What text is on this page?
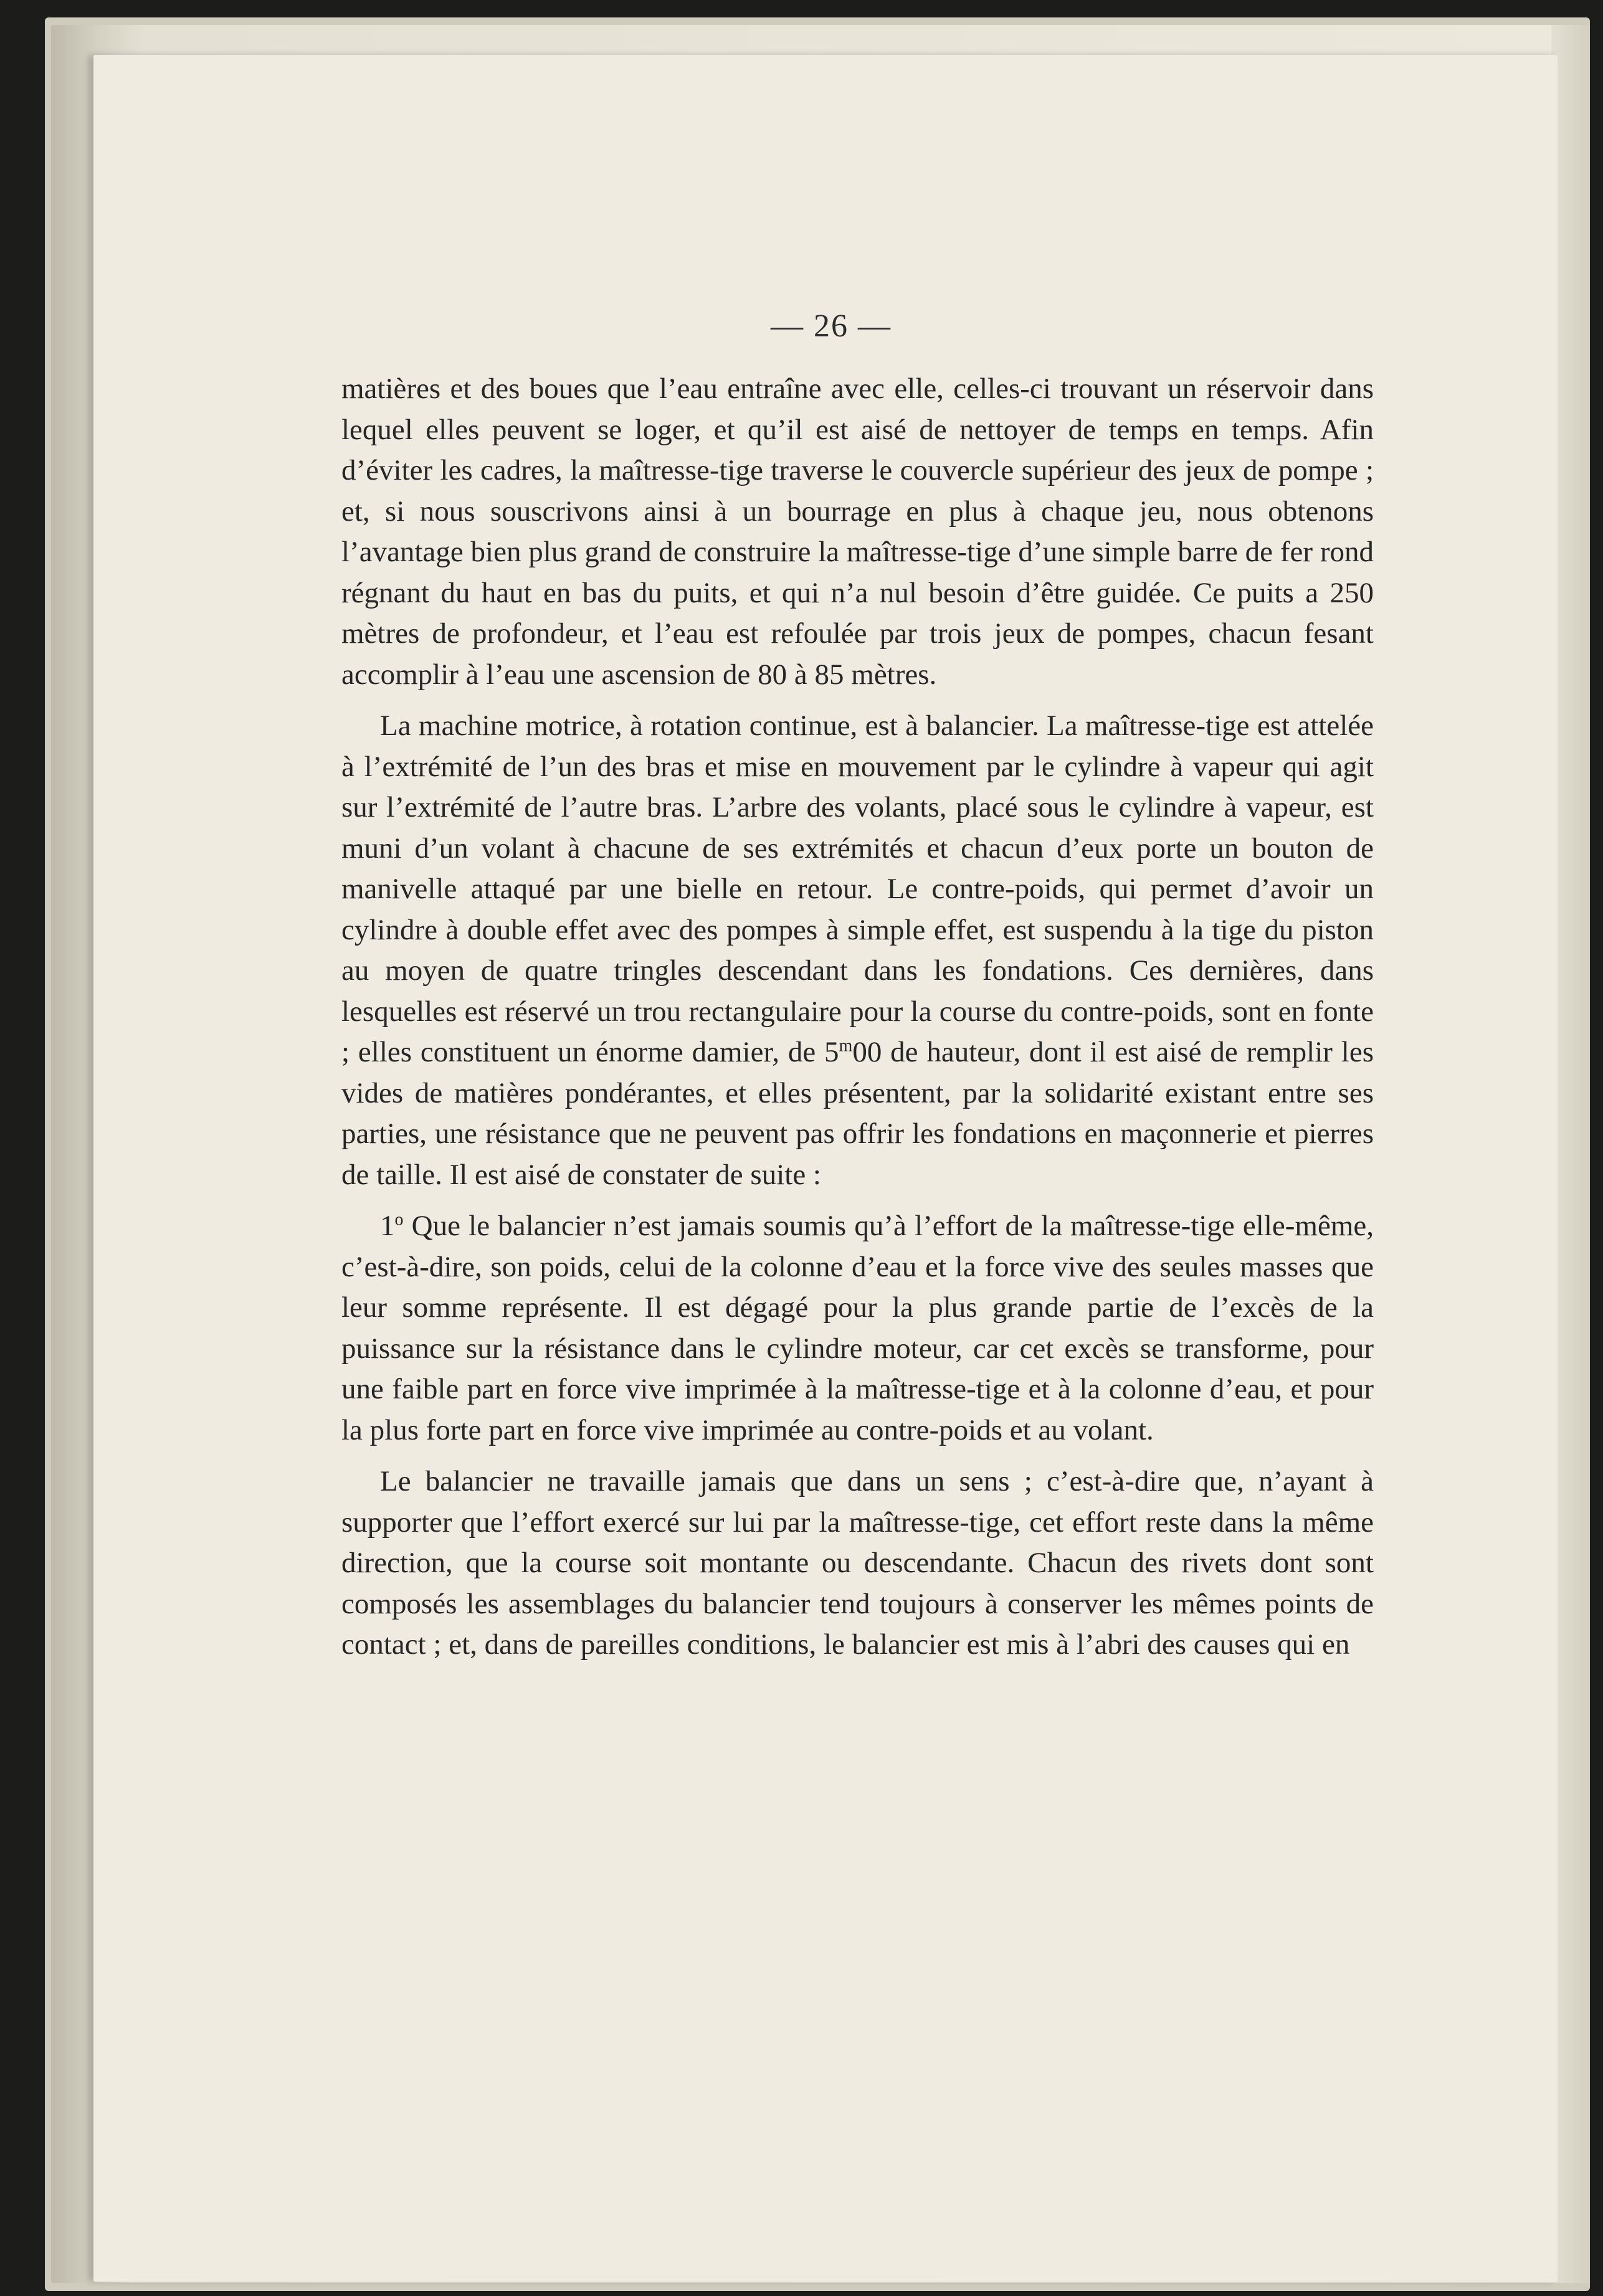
— 26 —

matières et des boues que l’eau entraîne avec elle, celles-ci trouvant un réservoir dans lequel elles peuvent se loger, et qu’il est aisé de nettoyer de temps en temps. Afin d’éviter les cadres, la maîtresse-tige traverse le couvercle supérieur des jeux de pompe ; et, si nous souscrivons ainsi à un bourrage en plus à chaque jeu, nous obtenons l’avantage bien plus grand de construire la maîtresse-tige d’une simple barre de fer rond régnant du haut en bas du puits, et qui n’a nul besoin d’être guidée. Ce puits a 250 mètres de profondeur, et l’eau est refoulée par trois jeux de pompes, chacun fesant accomplir à l’eau une ascension de 80 à 85 mètres.

La machine motrice, à rotation continue, est à balancier. La maîtresse-tige est attelée à l’extrémité de l’un des bras et mise en mouvement par le cylindre à vapeur qui agit sur l’extrémité de l’autre bras. L’arbre des volants, placé sous le cylindre à vapeur, est muni d’un volant à chacune de ses extrémités et chacun d’eux porte un bouton de manivelle attaqué par une bielle en retour. Le contre-poids, qui permet d’avoir un cylindre à double effet avec des pompes à simple effet, est suspendu à la tige du piston au moyen de quatre tringles descendant dans les fondations. Ces dernières, dans lesquelles est réservé un trou rectangulaire pour la course du contre-poids, sont en fonte ; elles constituent un énorme damier, de 5$^m$00 de hauteur, dont il est aisé de remplir les vides de matières pondérantes, et elles présentent, par la solidarité existant entre ses parties, une résistance que ne peuvent pas offrir les fondations en maçonnerie et pierres de taille. Il est aisé de constater de suite :

1$^o$ Que le balancier n’est jamais soumis qu’à l’effort de la maîtresse-tige elle-même, c’est-à-dire, son poids, celui de la colonne d’eau et la force vive des seules masses que leur somme représente. Il est dégagé pour la plus grande partie de l’excès de la puissance sur la résistance dans le cylindre moteur, car cet excès se transforme, pour une faible part en force vive imprimée à la maîtresse-tige et à la colonne d’eau, et pour la plus forte part en force vive imprimée au contre-poids et au volant.

Le balancier ne travaille jamais que dans un sens ; c’est-à-dire que, n’ayant à supporter que l’effort exercé sur lui par la maîtresse-tige, cet effort reste dans la même direction, que la course soit montante ou descendante. Chacun des rivets dont sont composés les assemblages du balancier tend toujours à conserver les mêmes points de contact ; et, dans de pareilles conditions, le balancier est mis à l’abri des causes qui en
